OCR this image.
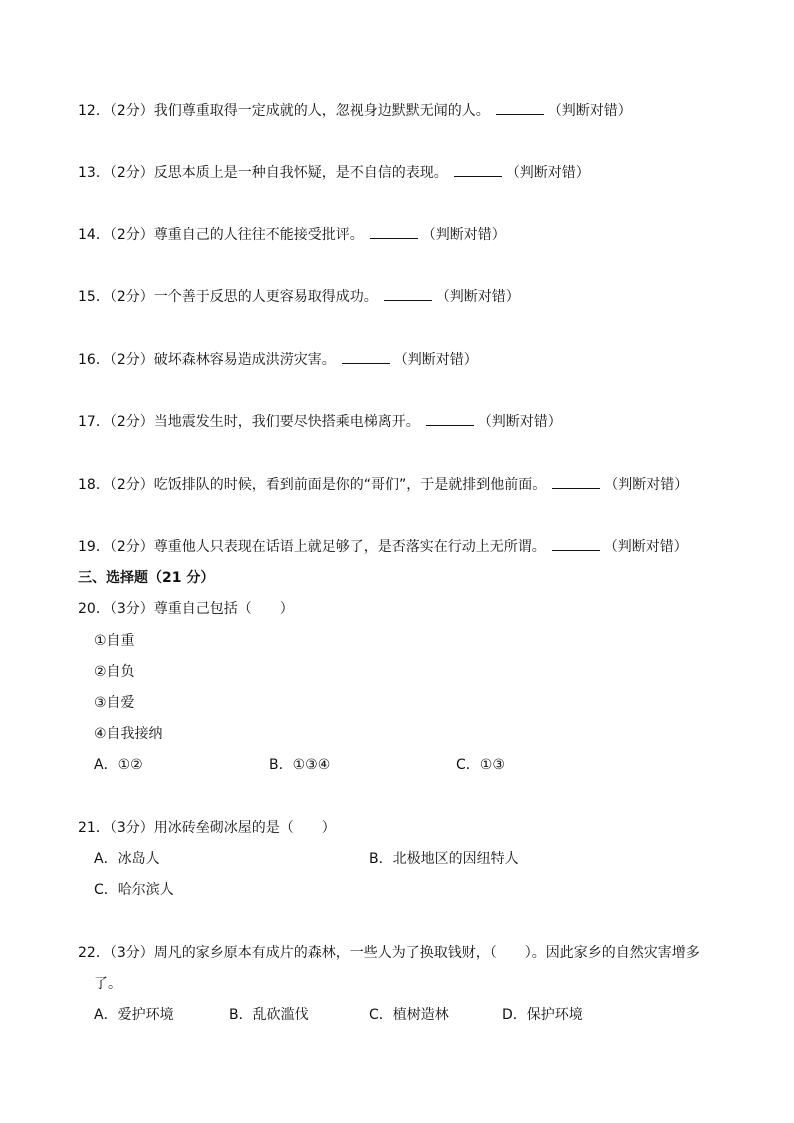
12．（2分）我们尊重取得一定成就的人，忽视身边默默无闻的人。	（判断对错）
13．（2分）反思本质上是一种自我怀疑，是不自信的表现。	（判断对错）
14．（2分）尊重自己的人往往不能接受批评。	（判断对错）
15．（2分）一个善于反思的人更容易取得成功。	（判断对错）
16．（2分）破坏森林容易造成洪涝灾害。	（判断对错）
17．（2分）当地震发生时，我们要尽快搭乘电梯离开。	（判断对错）
18．（2分）吃饭排队的时候，看到前面是你的“哥们”，于是就排到他前面。	（判断对错）
19．（2分）尊重他人只表现在话语上就足够了，是否落实在行动上无所谓。	（判断对错）
三、选择题（21 分）
20．（3分）尊重自己包括（　　）
①自重
②自负
③自爱
④自我接纳
A．①②	B．①③④	C．①③
21．（3分）用冰砖垒砌冰屋的是（　　）
A．冰岛人	B．北极地区的因纽特人
C．哈尔滨人
22．（3分）周凡的家乡原本有成片的森林，一些人为了换取钱财，（　　）。因此家乡的自然灾害增多
了。
A．爱护环境	B．乱砍滥伐	C．植树造林	D．保护环境
